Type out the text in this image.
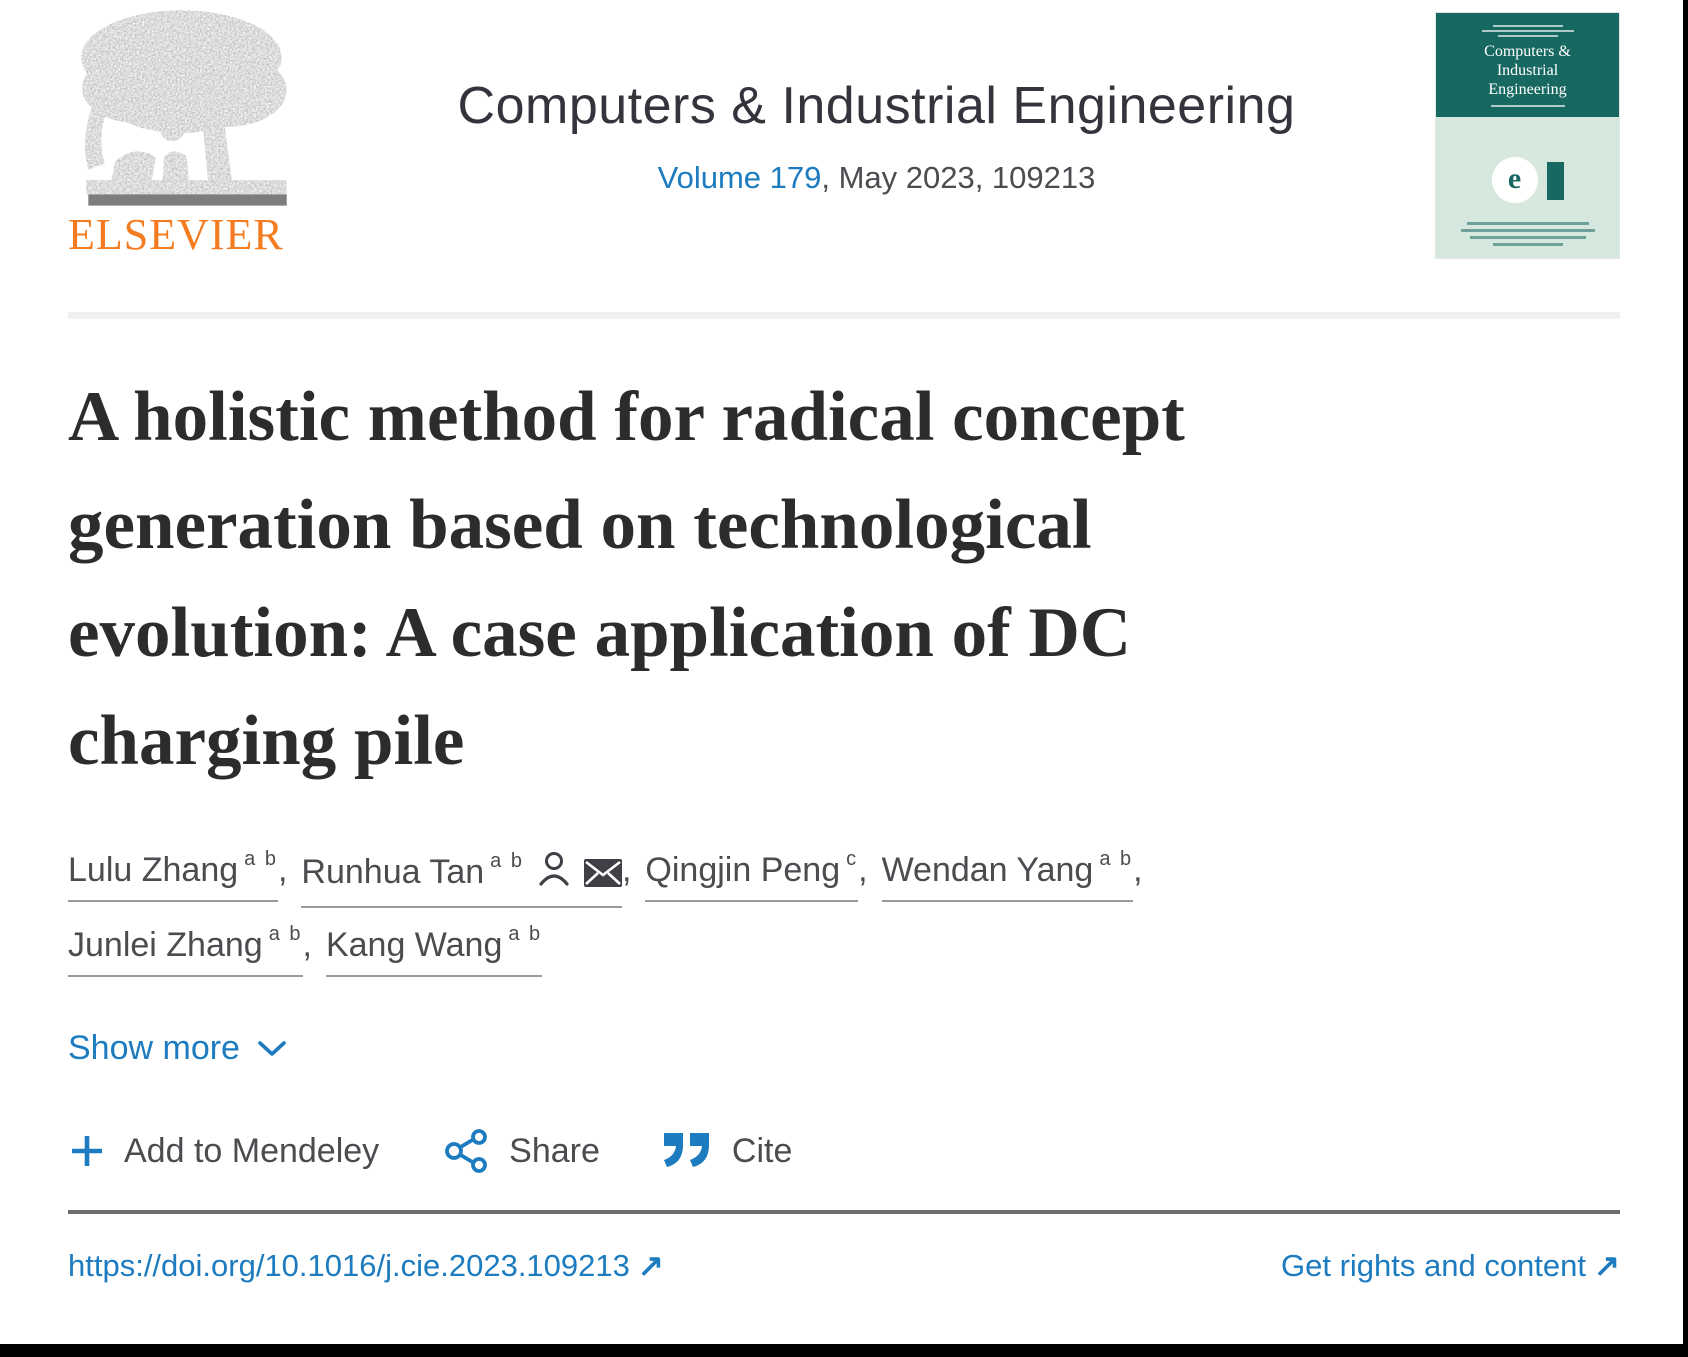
ELSEVIER
Computers & Industrial Engineering
Volume 179, May 2023, 109213
Computers &
Industrial
Engineering
e
A holistic method for radical concept
generation based on technological
evolution: A case application of DC
charging pile
Lulu Zhang $^{a b}$ , Runhua Tan $^{a b}$	, Qingjin Peng $^c$ , Wendan Yang $^{a b}$ ,
Junlei Zhang $^{a b}$ , Kang Wang $^{a b}$
Show more
Add to Mendeley	Share	Cite
https://doi.org/10.1016/j.cie.2023.109213 ↗	Get rights and content ↗
